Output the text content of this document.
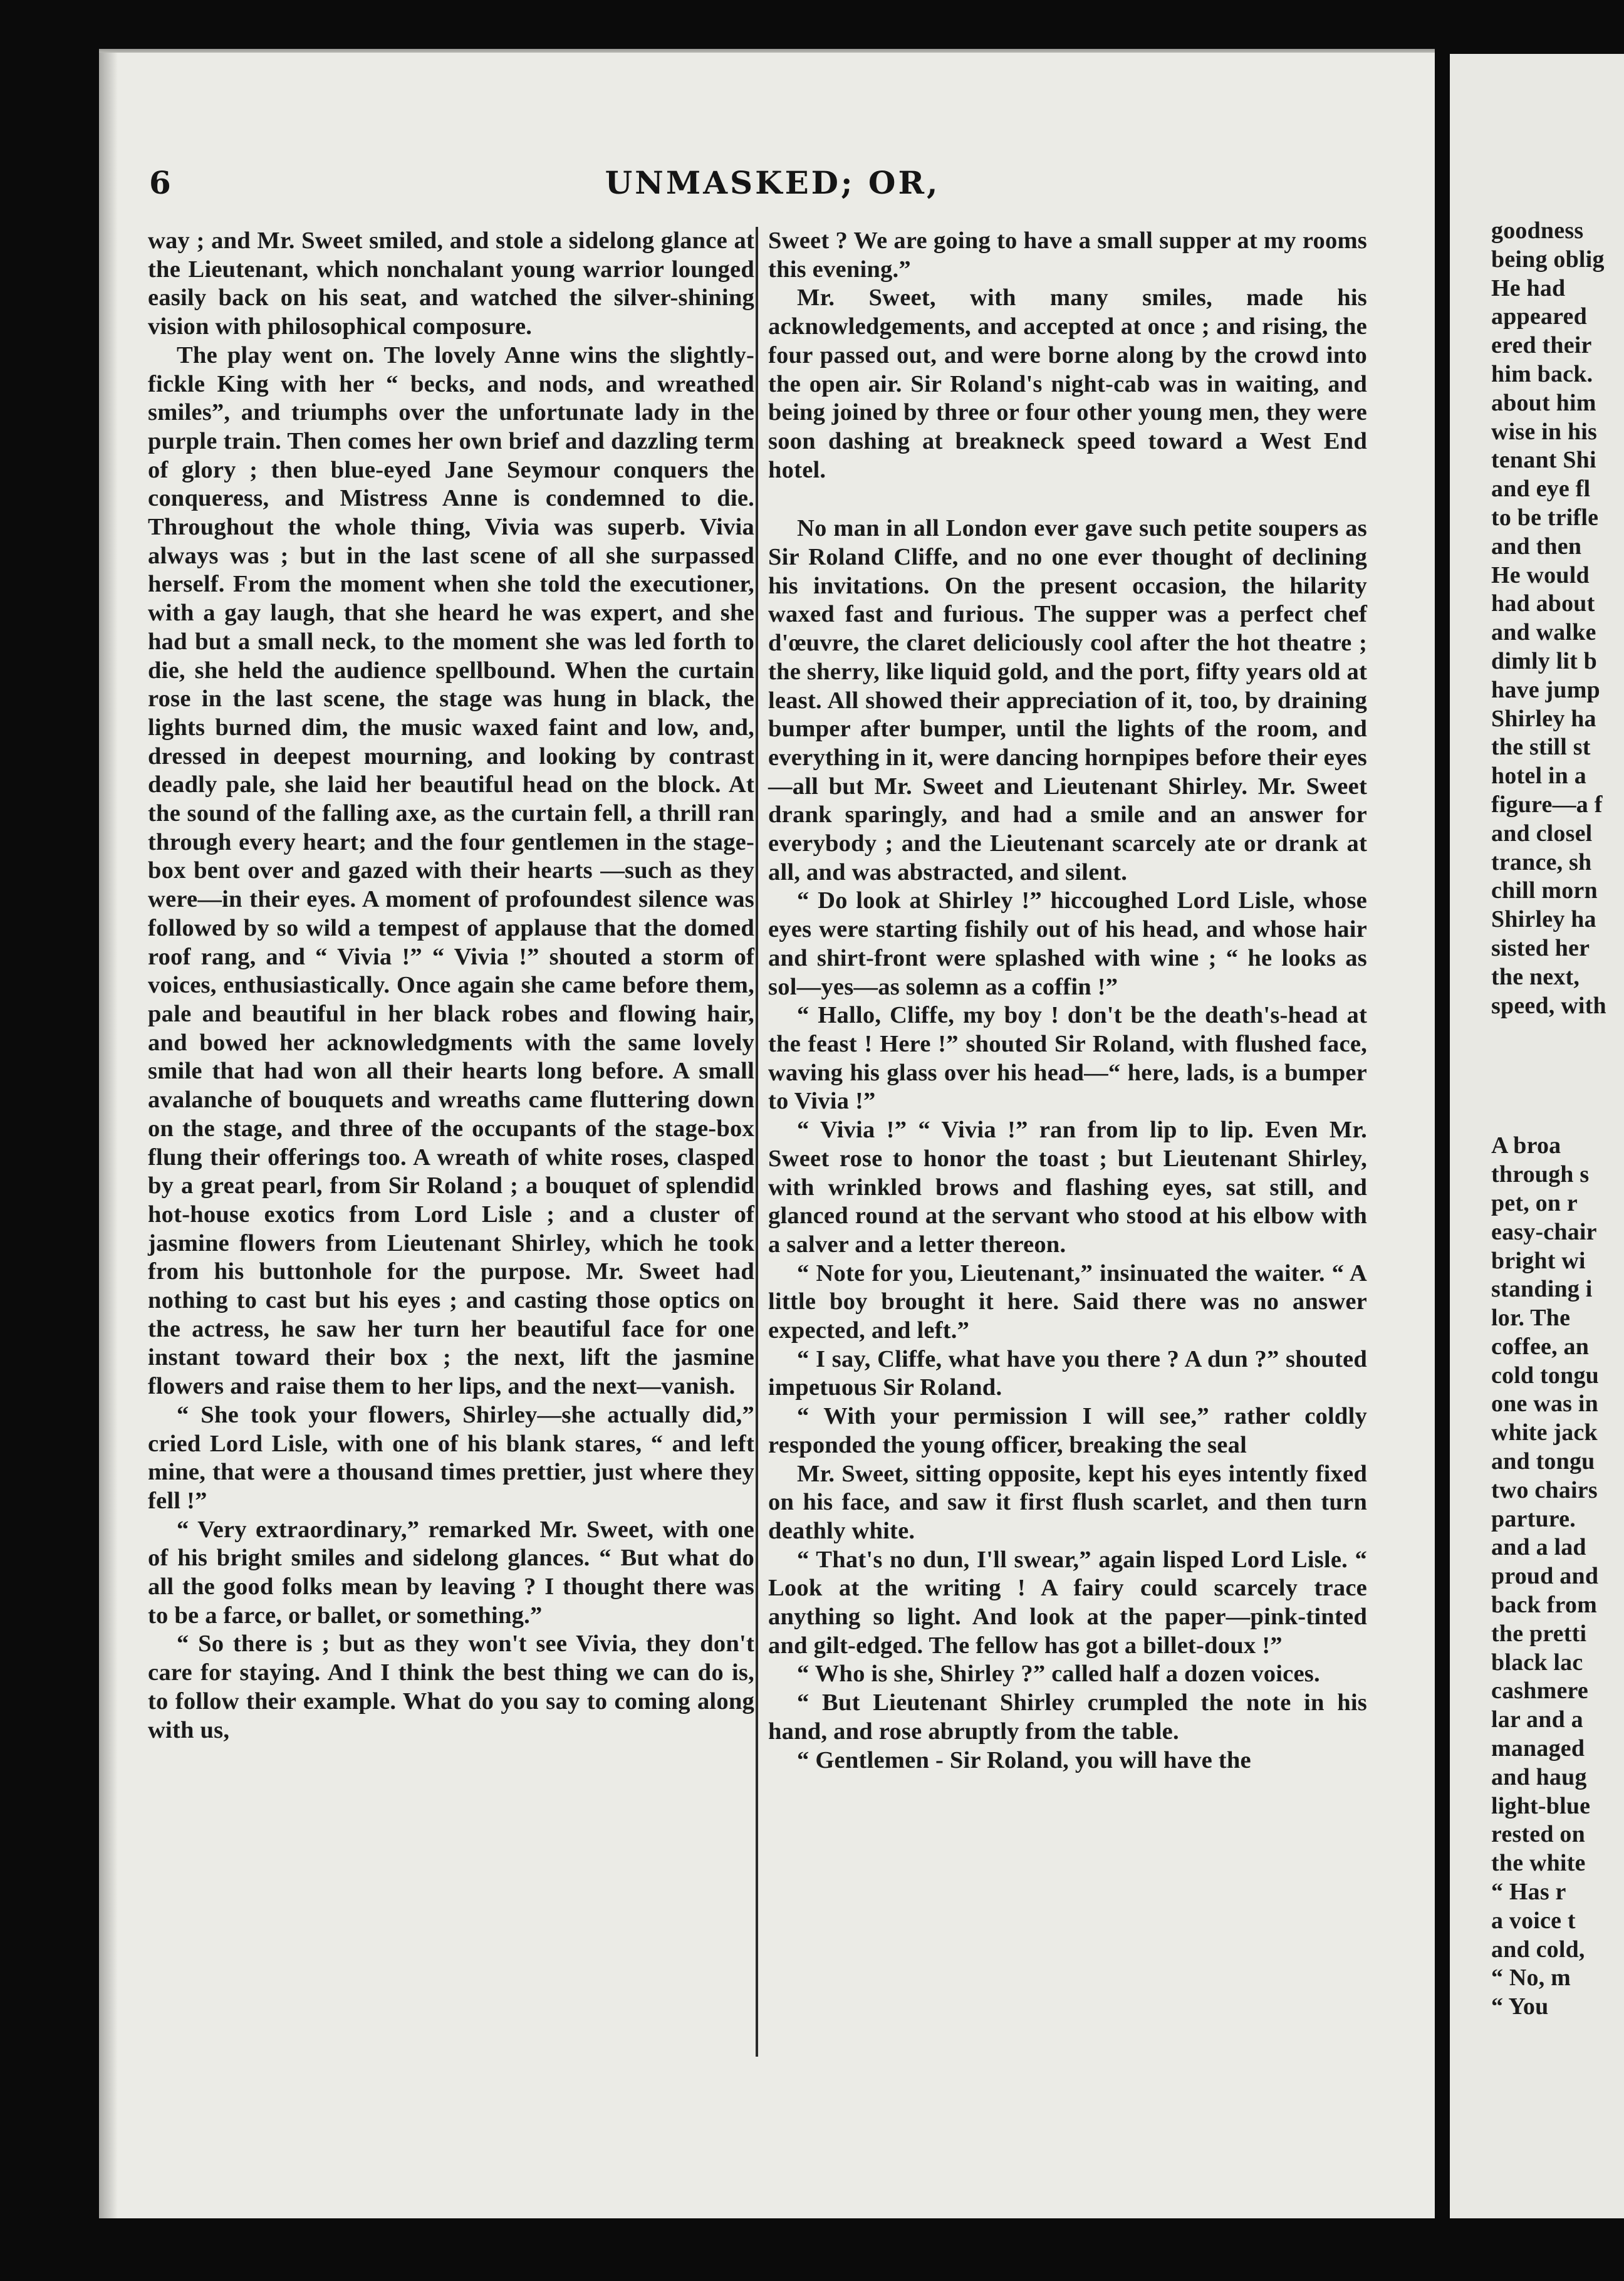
6	UNMASKED; OR,

way ; and Mr. Sweet smiled, and stole a sidelong glance at the Lieutenant, which nonchalant young warrior lounged easily back on his seat, and watched the silver-shining vision with philosophical composure.

The play went on. The lovely Anne wins the slightly-fickle King with her “ becks, and nods, and wreathed smiles”, and triumphs over the unfortunate lady in the purple train. Then comes her own brief and dazzling term of glory ; then blue-eyed Jane Seymour conquers the conqueress, and Mistress Anne is condemned to die. Throughout the whole thing, Vivia was superb. Vivia always was ; but in the last scene of all she surpassed herself. From the moment when she told the executioner, with a gay laugh, that she heard he was expert, and she had but a small neck, to the moment she was led forth to die, she held the audience spellbound. When the curtain rose in the last scene, the stage was hung in black, the lights burned dim, the music waxed faint and low, and, dressed in deepest mourning, and looking by contrast deadly pale, she laid her beautiful head on the block. At the sound of the falling axe, as the curtain fell, a thrill ran through every heart; and the four gentlemen in the stage-box bent over and gazed with their hearts —such as they were—in their eyes. A moment of profoundest silence was followed by so wild a tempest of applause that the domed roof rang, and “ Vivia !” “ Vivia !” shouted a storm of voices, enthusiastically. Once again she came before them, pale and beautiful in her black robes and flowing hair, and bowed her acknowledgments with the same lovely smile that had won all their hearts long before. A small avalanche of bouquets and wreaths came fluttering down on the stage, and three of the occupants of the stage-box flung their offerings too. A wreath of white roses, clasped by a great pearl, from Sir Roland ; a bouquet of splendid hot-house exotics from Lord Lisle ; and a cluster of jasmine flowers from Lieutenant Shirley, which he took from his buttonhole for the purpose. Mr. Sweet had nothing to cast but his eyes ; and casting those optics on the actress, he saw her turn her beautiful face for one instant toward their box ; the next, lift the jasmine flowers and raise them to her lips, and the next—vanish.

“ She took your flowers, Shirley—she actually did,” cried Lord Lisle, with one of his blank stares, “ and left mine, that were a thousand times prettier, just where they fell !”

“ Very extraordinary,” remarked Mr. Sweet, with one of his bright smiles and sidelong glances. “ But what do all the good folks mean by leaving ? I thought there was to be a farce, or ballet, or something.”

“ So there is ; but as they won't see Vivia, they don't care for staying. And I think the best thing we can do is, to follow their example. What do you say to coming along with us,

Sweet ? We are going to have a small supper at my rooms this evening.”

Mr. Sweet, with many smiles, made his acknowledgements, and accepted at once ; and rising, the four passed out, and were borne along by the crowd into the open air. Sir Roland's night-cab was in waiting, and being joined by three or four other young men, they were soon dashing at breakneck speed toward a West End hotel.

No man in all London ever gave such petite soupers as Sir Roland Cliffe, and no one ever thought of declining his invitations. On the present occasion, the hilarity waxed fast and furious. The supper was a perfect chef d'œuvre, the claret deliciously cool after the hot theatre ; the sherry, like liquid gold, and the port, fifty years old at least. All showed their appreciation of it, too, by draining bumper after bumper, until the lights of the room, and everything in it, were dancing hornpipes before their eyes—all but Mr. Sweet and Lieutenant Shirley. Mr. Sweet drank sparingly, and had a smile and an answer for everybody ; and the Lieutenant scarcely ate or drank at all, and was abstracted, and silent.

“ Do look at Shirley !” hiccoughed Lord Lisle, whose eyes were starting fishily out of his head, and whose hair and shirt-front were splashed with wine ; “ he looks as sol—yes—as solemn as a coffin !”

“ Hallo, Cliffe, my boy ! don't be the death's-head at the feast ! Here !” shouted Sir Roland, with flushed face, waving his glass over his head—“ here, lads, is a bumper to Vivia !”

“ Vivia !” “ Vivia !” ran from lip to lip. Even Mr. Sweet rose to honor the toast ; but Lieutenant Shirley, with wrinkled brows and flashing eyes, sat still, and glanced round at the servant who stood at his elbow with a salver and a letter thereon.

“ Note for you, Lieutenant,” insinuated the waiter. “ A little boy brought it here. Said there was no answer expected, and left.”

“ I say, Cliffe, what have you there ? A dun ?” shouted impetuous Sir Roland.

“ With your permission I will see,” rather coldly responded the young officer, breaking the seal

Mr. Sweet, sitting opposite, kept his eyes intently fixed on his face, and saw it first flush scarlet, and then turn deathly white.

“ That's no dun, I'll swear,” again lisped Lord Lisle. “ Look at the writing ! A fairy could scarcely trace anything so light. And look at the paper—pink-tinted and gilt-edged. The fellow has got a billet-doux !”

“ Who is she, Shirley ?” called half a dozen voices.

“ But Lieutenant Shirley crumpled the note in his hand, and rose abruptly from the table.

“ Gentlemen - Sir Roland, you will have the

goodness
being oblig

He had
appeared
ered their
him back.
about him
wise in his
tenant Shi
and eye fl
to be trifle
and then
He would
had about
and walke
dimly lit b
have jump
Shirley ha
the still st
hotel in a
figure—a f
and closel
trance, sh
chill morn
Shirley ha
sisted her
the next,
speed, with

A broa
through s
pet, on r
easy-chair
bright wi
standing i
lor. The
coffee, an
cold tongu
one was in
white jack
and tongu
two chairs
parture.
and a lad
proud and
back from
the pretti
black lac
cashmere
lar and a
managed
and haug
light-blue
rested on
the white
“ Has r
a voice t
and cold,
“ No, m
“ You
